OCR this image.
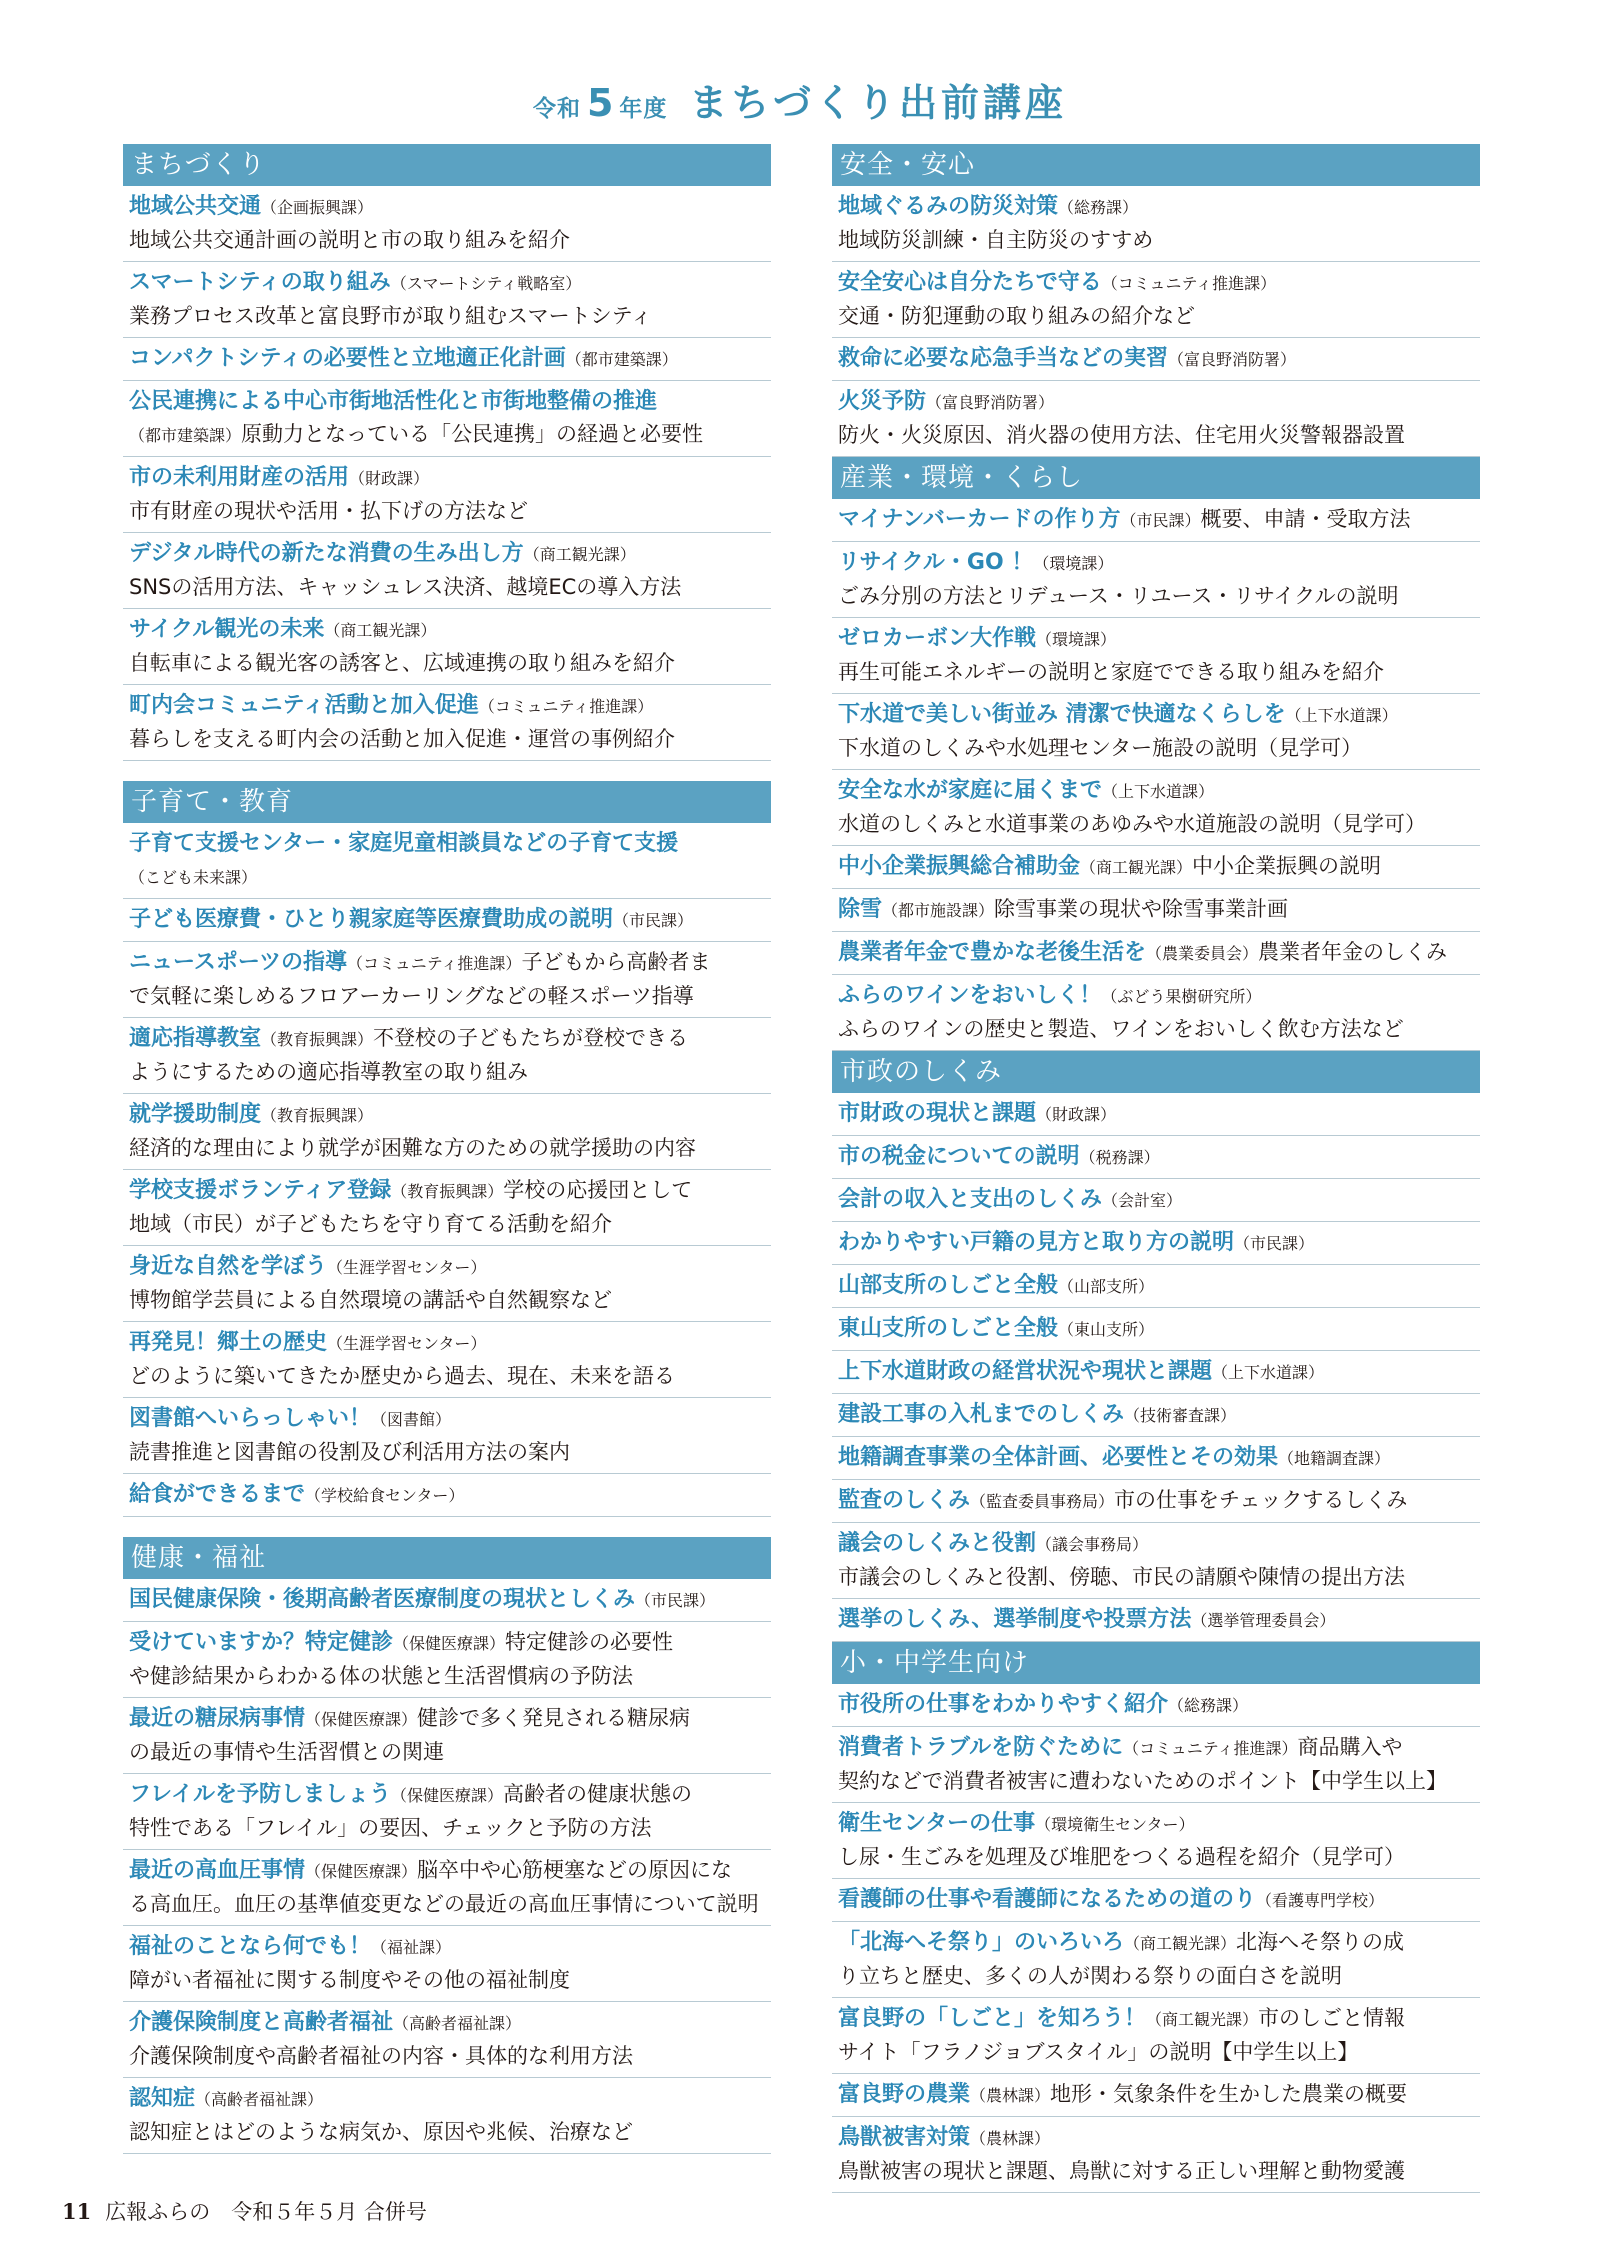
令和 5 年度 まちづくり出前講座
まちづくり
地域公共交通（企画振興課）
地域公共交通計画の説明と市の取り組みを紹介
スマートシティの取り組み（スマートシティ戦略室）
業務プロセス改革と富良野市が取り組むスマートシティ
コンパクトシティの必要性と立地適正化計画（都市建築課）
公民連携による中心市街地活性化と市街地整備の推進
（都市建築課）原動力となっている「公民連携」の経過と必要性
市の未利用財産の活用（財政課）
市有財産の現状や活用・払下げの方法など
デジタル時代の新たな消費の生み出し方（商工観光課）
SNSの活用方法、キャッシュレス決済、越境ECの導入方法
サイクル観光の未来（商工観光課）
自転車による観光客の誘客と、広域連携の取り組みを紹介
町内会コミュニティ活動と加入促進（コミュニティ推進課）
暮らしを支える町内会の活動と加入促進・運営の事例紹介
子育て・教育
子育て支援センター・家庭児童相談員などの子育て支援
（こども未来課）
子ども医療費・ひとり親家庭等医療費助成の説明（市民課）
ニュースポーツの指導（コミュニティ推進課）子どもから高齢者ま
で気軽に楽しめるフロアーカーリングなどの軽スポーツ指導
適応指導教室（教育振興課）不登校の子どもたちが登校できる
ようにするための適応指導教室の取り組み
就学援助制度（教育振興課）
経済的な理由により就学が困難な方のための就学援助の内容
学校支援ボランティア登録（教育振興課）学校の応援団として
地域（市民）が子どもたちを守り育てる活動を紹介
身近な自然を学ぼう（生涯学習センター）
博物館学芸員による自然環境の講話や自然観察など
再発見！郷土の歴史（生涯学習センター）
どのように築いてきたか歴史から過去、現在、未来を語る
図書館へいらっしゃい！（図書館）
読書推進と図書館の役割及び利活用方法の案内
給食ができるまで（学校給食センター）
健康・福祉
国民健康保険・後期高齢者医療制度の現状としくみ（市民課）
受けていますか？特定健診（保健医療課）特定健診の必要性
や健診結果からわかる体の状態と生活習慣病の予防法
最近の糖尿病事情（保健医療課）健診で多く発見される糖尿病
の最近の事情や生活習慣との関連
フレイルを予防しましょう（保健医療課）高齢者の健康状態の
特性である「フレイル」の要因、チェックと予防の方法
最近の高血圧事情（保健医療課）脳卒中や心筋梗塞などの原因にな
る高血圧。血圧の基準値変更などの最近の高血圧事情について説明
福祉のことなら何でも！（福祉課）
障がい者福祉に関する制度やその他の福祉制度
介護保険制度と高齢者福祉（高齢者福祉課）
介護保険制度や高齢者福祉の内容・具体的な利用方法
認知症（高齢者福祉課）
認知症とはどのような病気か、原因や兆候、治療など
安全・安心
地域ぐるみの防災対策（総務課）
地域防災訓練・自主防災のすすめ
安全安心は自分たちで守る（コミュニティ推進課）
交通・防犯運動の取り組みの紹介など
救命に必要な応急手当などの実習（富良野消防署）
火災予防（富良野消防署）
防火・火災原因、消火器の使用方法、住宅用火災警報器設置
産業・環境・くらし
マイナンバーカードの作り方（市民課）概要、申請・受取方法
リサイクル・GO ！（環境課）
ごみ分別の方法とリデュース・リユース・リサイクルの説明
ゼロカーボン大作戦（環境課）
再生可能エネルギーの説明と家庭でできる取り組みを紹介
下水道で美しい街並み 清潔で快適なくらしを（上下水道課）
下水道のしくみや水処理センター施設の説明（見学可）
安全な水が家庭に届くまで（上下水道課）
水道のしくみと水道事業のあゆみや水道施設の説明（見学可）
中小企業振興総合補助金（商工観光課）中小企業振興の説明
除雪（都市施設課）除雪事業の現状や除雪事業計画
農業者年金で豊かな老後生活を（農業委員会）農業者年金のしくみ
ふらのワインをおいしく！（ぶどう果樹研究所）
ふらのワインの歴史と製造、ワインをおいしく飲む方法など
市政のしくみ
市財政の現状と課題（財政課）
市の税金についての説明（税務課）
会計の収入と支出のしくみ（会計室）
わかりやすい戸籍の見方と取り方の説明（市民課）
山部支所のしごと全般（山部支所）
東山支所のしごと全般（東山支所）
上下水道財政の経営状況や現状と課題（上下水道課）
建設工事の入札までのしくみ（技術審査課）
地籍調査事業の全体計画、必要性とその効果（地籍調査課）
監査のしくみ（監査委員事務局）市の仕事をチェックするしくみ
議会のしくみと役割（議会事務局）
市議会のしくみと役割、傍聴、市民の請願や陳情の提出方法
選挙のしくみ、選挙制度や投票方法（選挙管理委員会）
小・中学生向け
市役所の仕事をわかりやすく紹介（総務課）
消費者トラブルを防ぐために（コミュニティ推進課）商品購入や
契約などで消費者被害に遭わないためのポイント【中学生以上】
衛生センターの仕事（環境衛生センター）
し尿・生ごみを処理及び堆肥をつくる過程を紹介（見学可）
看護師の仕事や看護師になるための道のり（看護専門学校）
「北海へそ祭り」のいろいろ（商工観光課）北海へそ祭りの成
り立ちと歴史、多くの人が関わる祭りの面白さを説明
富良野の「しごと」を知ろう！（商工観光課）市のしごと情報
サイト「フラノジョブスタイル」の説明【中学生以上】
富良野の農業（農林課）地形・気象条件を生かした農業の概要
鳥獣被害対策（農林課）
鳥獣被害の現状と課題、鳥獣に対する正しい理解と動物愛護
11 広報ふらの　令和５年５月 合併号
